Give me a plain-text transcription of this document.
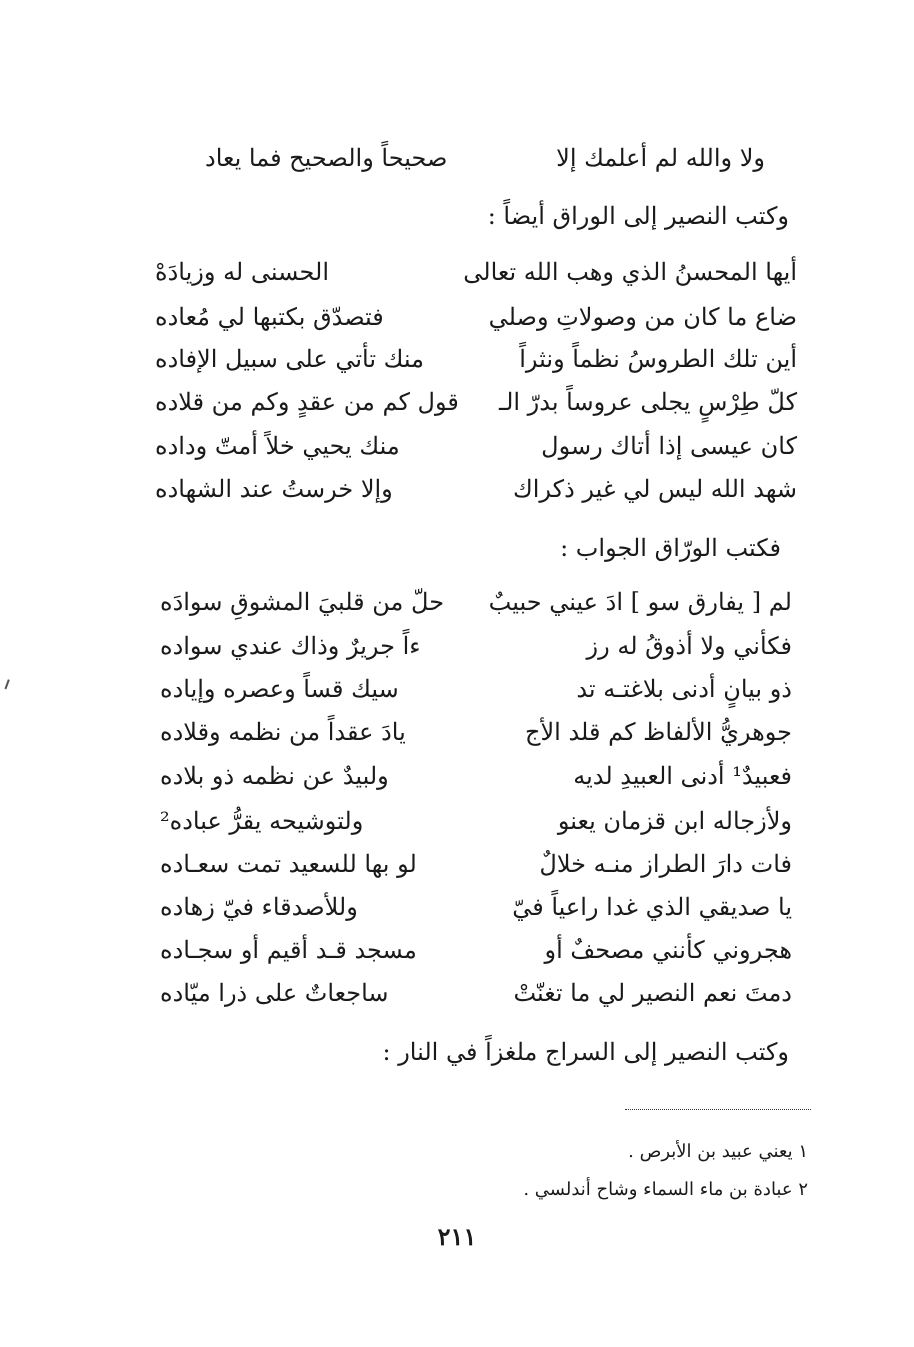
ولا والله لم أعلمك إلا
صحيحاً والصحيح فما يعاد
وكتب النصير إلى الوراق أيضاً :
أيها المحسنُ الذي وهب الله تعالى
الحسنى له وزيادَهْ
ضاع ما كان من وصولاتِ وصلي
فتصدّق بكتبها لي مُعاده
أين تلك الطروسُ نظماً ونثراً
منك تأتي على سبيل الإفاده
كلّ طِرْسٍ يجلى عروساً بدرّ الـ
قول كم من عقدٍ وكم من قلاده
كان عيسى إذا أتاك رسول
منك يحيي خلاً أمتّ وداده
شهد الله ليس لي غير ذكراك
وإلا خرستُ عند الشهاده
فكتب الورّاق الجواب :
لم [ يفارق سو ] ادَ عيني حبيبٌ
حلّ من قلبيَ المشوقِ سوادَه
فكأني ولا أذوقُ له رز
ءاً جريرٌ وذاك عندي سواده
ذو بيانٍ أدنى بلاغتـه تد
سيك قساً وعصره وإياده
جوهريُّ الألفاظ كم قلد الأج
يادَ عقداً من نظمه وقلاده
فعبيدٌ¹ أدنى العبيدِ لديه
ولبيدٌ عن نظمه ذو بلاده
ولأزجاله ابن قزمان يعنو
ولتوشيحه يقرُّ عباده²
فات دارَ الطراز منـه خلالٌ
لو بها للسعيد تمت سعـاده
يا صديقي الذي غدا راعياً فيّ
وللأصدقاء فيّ زهاده
هجروني كأنني مصحفٌ أو
مسجد قـد أقيم أو سجـاده
دمتَ نعم النصير لي ما تغنّتْ
ساجعاتٌ على ذرا ميّاده
وكتب النصير إلى السراج ملغزاً في النار :
١ يعني عبيد بن الأبرص .
٢ عبادة بن ماء السماء وشاح أندلسي .
٢١١
